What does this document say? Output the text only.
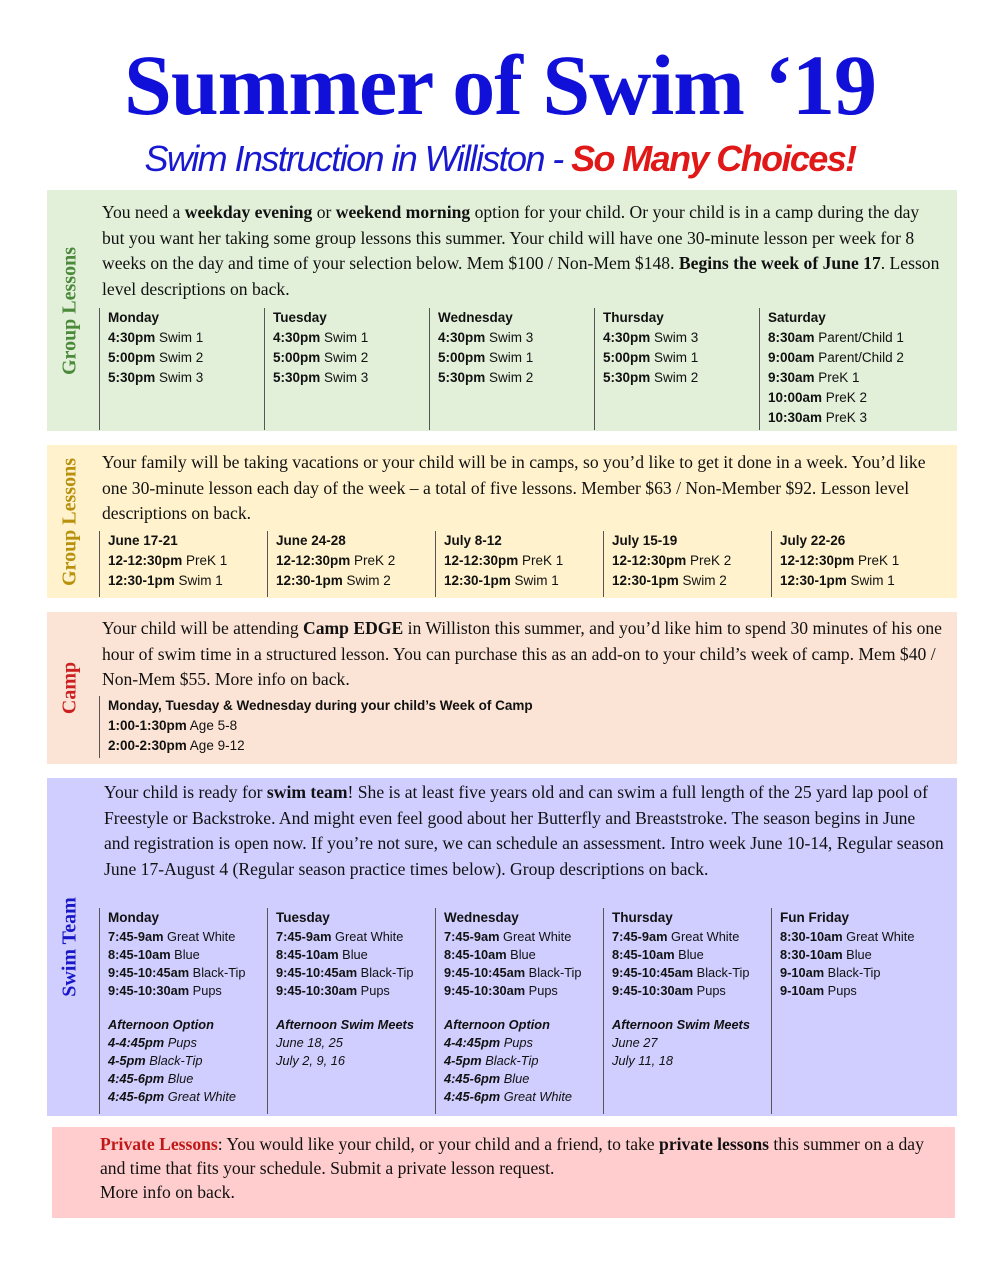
Summer of Swim ‘19
Swim Instruction in Williston - So Many Choices!
Group Lessons
You need a weekday evening or weekend morning option for your child. Or your child is in a camp during the day but you want her taking some group lessons this summer. Your child will have one 30-minute lesson per week for 8 weeks on the day and time of your selection below. Mem $100 / Non-Mem $148. Begins the week of June 17. Lesson level descriptions on back.
Monday
4:30pm Swim 1
5:00pm Swim 2
5:30pm Swim 3
Tuesday
4:30pm Swim 1
5:00pm Swim 2
5:30pm Swim 3
Wednesday
4:30pm Swim 3
5:00pm Swim 1
5:30pm Swim 2
Thursday
4:30pm Swim 3
5:00pm Swim 1
5:30pm Swim 2
Saturday
8:30am Parent/Child 1
9:00am Parent/Child 2
9:30am PreK 1
10:00am PreK 2
10:30am PreK 3
Group Lessons Your family will be taking vacations or your child will be in camps, so you’d like to get it done in a week. You’d like one 30-minute lesson each day of the week – a total of five lessons. Member $63 / Non-Member $92. Lesson level descriptions on back.
June 17-21
12-12:30pm PreK 1
12:30-1pm Swim 1
June 24-28
12-12:30pm PreK 2
12:30-1pm Swim 2
July 8-12
12-12:30pm PreK 1
12:30-1pm Swim 1
July 15-19
12-12:30pm PreK 2
12:30-1pm Swim 2
July 22-26
12-12:30pm PreK 1
12:30-1pm Swim 1
Camp
Your child will be attending Camp EDGE in Williston this summer, and you’d like him to spend 30 minutes of his one hour of swim time in a structured lesson. You can purchase this as an add-on to your child’s week of camp. Mem $40 / Non-Mem $55. More info on back.
Monday, Tuesday & Wednesday during your child’s Week of Camp
1:00-1:30pm Age 5-8
2:00-2:30pm Age 9-12
Swim Team
Your child is ready for swim team! She is at least five years old and can swim a full length of the 25 yard lap pool of Freestyle or Backstroke. And might even feel good about her Butterfly and Breaststroke. The season begins in June and registration is open now. If you’re not sure, we can schedule an assessment. Intro week June 10-14, Regular season June 17-August 4 (Regular season practice times below). Group descriptions on back.
Monday
7:45-9am Great White
8:45-10am Blue
9:45-10:45am Black-Tip
9:45-10:30am Pups
Afternoon Option
4-4:45pm Pups
4-5pm Black-Tip
4:45-6pm Blue
4:45-6pm Great White
Tuesday
7:45-9am Great White
8:45-10am Blue
9:45-10:45am Black-Tip
9:45-10:30am Pups
Afternoon Swim Meets
June 18, 25
July 2, 9, 16
Wednesday
7:45-9am Great White
8:45-10am Blue
9:45-10:45am Black-Tip
9:45-10:30am Pups
Afternoon Option
4-4:45pm Pups
4-5pm Black-Tip
4:45-6pm Blue
4:45-6pm Great White
Thursday
7:45-9am Great White
8:45-10am Blue
9:45-10:45am Black-Tip
9:45-10:30am Pups
Afternoon Swim Meets
June 27
July 11, 18
Fun Friday
8:30-10am Great White
8:30-10am Blue
9-10am Black-Tip
9-10am Pups
Private Lessons: You would like your child, or your child and a friend, to take private lessons this summer on a day and time that fits your schedule. Submit a private lesson request.
More info on back.
